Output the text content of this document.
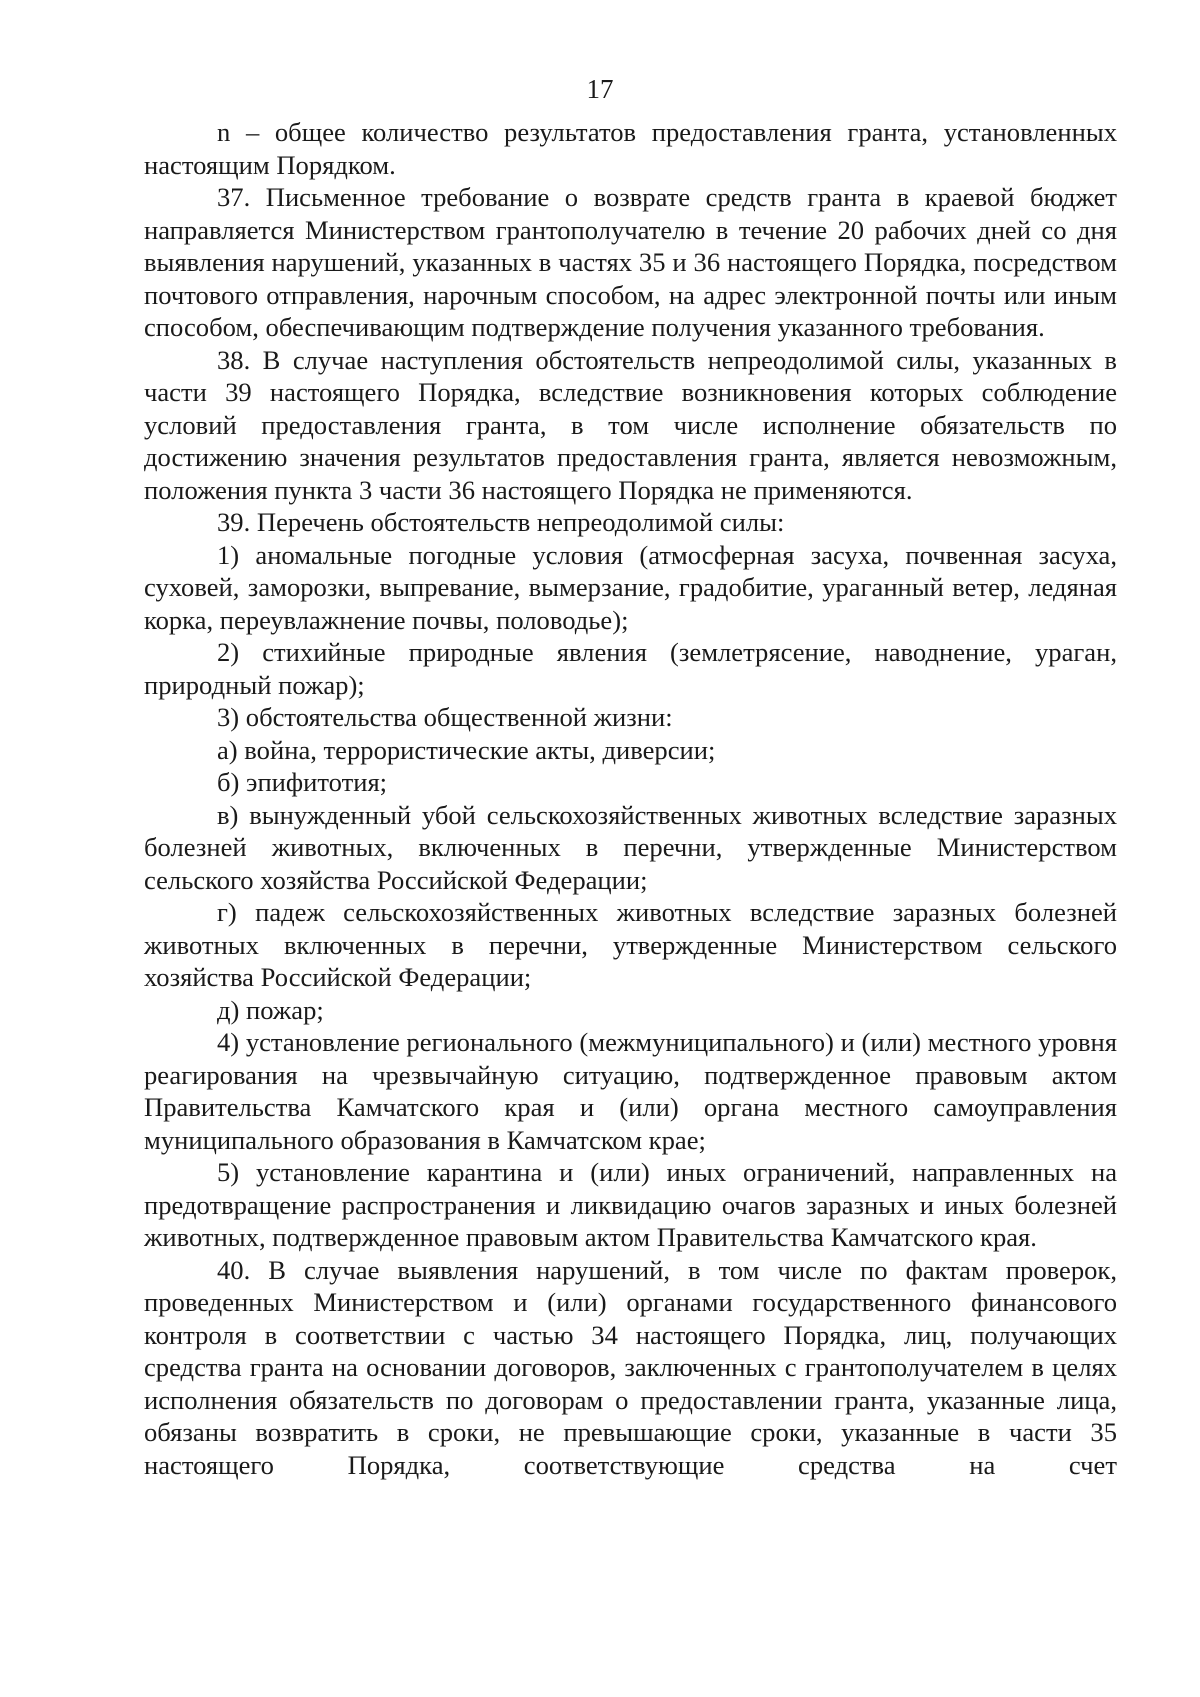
17

n – общее количество результатов предоставления гранта, установленных настоящим Порядком.

37. Письменное требование о возврате средств гранта в краевой бюджет направляется Министерством грантополучателю в течение 20 рабочих дней со дня выявления нарушений, указанных в частях 35 и 36 настоящего Порядка, посредством почтового отправления, нарочным способом, на адрес электронной почты или иным способом, обеспечивающим подтверждение получения указанного требования.

38. В случае наступления обстоятельств непреодолимой силы, указанных в части 39 настоящего Порядка, вследствие возникновения которых соблюдение условий предоставления гранта, в том числе исполнение обязательств по достижению значения результатов предоставления гранта, является невозможным, положения пункта 3 части 36 настоящего Порядка не применяются.

39. Перечень обстоятельств непреодолимой силы:

1) аномальные погодные условия (атмосферная засуха, почвенная засуха, суховей, заморозки, выпревание, вымерзание, градобитие, ураганный ветер, ледяная корка, переувлажнение почвы, половодье);

2) стихийные природные явления (землетрясение, наводнение, ураган, природный пожар);

3) обстоятельства общественной жизни:

а) война, террористические акты, диверсии;

б) эпифитотия;

в) вынужденный убой сельскохозяйственных животных вследствие заразных болезней животных, включенных в перечни, утвержденные Министерством сельского хозяйства Российской Федерации;

г) падеж сельскохозяйственных животных вследствие заразных болезней животных включенных в перечни, утвержденные Министерством сельского хозяйства Российской Федерации;

д) пожар;

4) установление регионального (межмуниципального) и (или) местного уровня реагирования на чрезвычайную ситуацию, подтвержденное правовым актом Правительства Камчатского края и (или) органа местного самоуправления муниципального образования в Камчатском крае;

5) установление карантина и (или) иных ограничений, направленных на предотвращение распространения и ликвидацию очагов заразных и иных болезней животных, подтвержденное правовым актом Правительства Камчатского края.

40. В случае выявления нарушений, в том числе по фактам проверок, проведенных Министерством и (или) органами государственного финансового контроля в соответствии с частью 34 настоящего Порядка, лиц, получающих средства гранта на основании договоров, заключенных с грантополучателем в целях исполнения обязательств по договорам о предоставлении гранта, указанные лица, обязаны возвратить в сроки, не превышающие сроки, указанные в части 35 настоящего Порядка, соответствующие средства на счет
